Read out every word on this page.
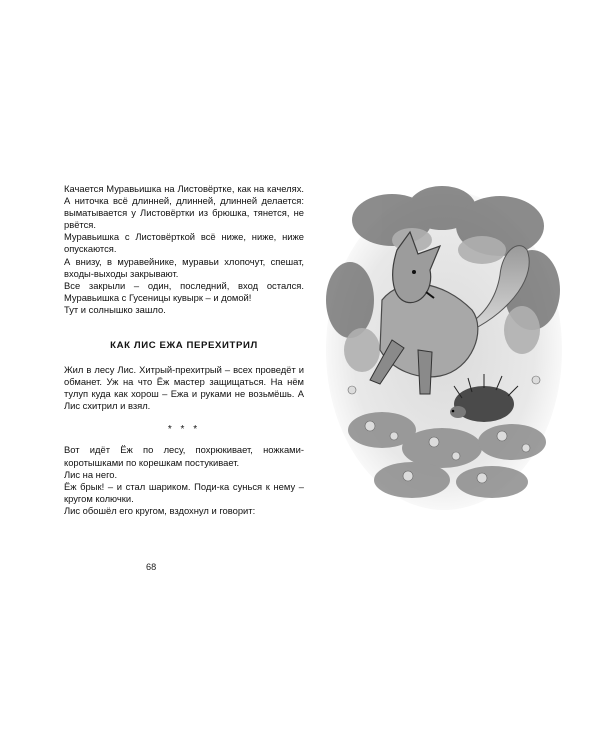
Качается Муравьишка на Листовёртке, как на качелях. А ниточка всё длинней, длинней, длинней делается: выматывается у Листовёртки из брюшка, тянется, не рвётся.

Муравьишка с Листовёрткой всё ниже, ниже, ниже опускаются.

А внизу, в муравейнике, муравьи хлопочут, спешат, входы-выходы закрывают.

Все закрыли – один, последний, вход остался. Муравьишка с Гусеницы кувырк – и домой!

Тут и солнышко зашло.

КАК ЛИС ЕЖА ПЕРЕХИТРИЛ

Жил в лесу Лис. Хитрый-прехитрый – всех проведёт и обманет. Уж на что Ёж мастер защищаться. На нём тулуп куда как хорош – Ежа и руками не возьмёшь. А Лис схитрил и взял.

* * *

Вот идёт Ёж по лесу, похрюкивает, ножками-коротышками по корешкам постукивает.

Лис на него.

Ёж брык! – и стал шариком. Поди-ка сунься к нему – кругом колючки.

Лис обошёл его кругом, вздохнул и говорит:

68
